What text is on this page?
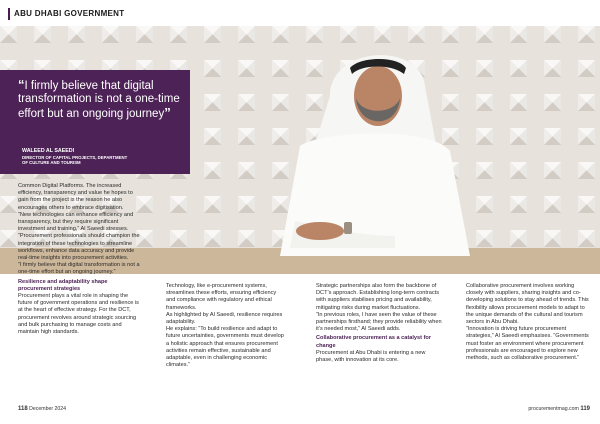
ABU DHABI GOVERNMENT
“I firmly believe that digital transformation is not a one-time effort but an ongoing journey”
WALEED AL SAEEDI
DIRECTOR OF CAPITAL PROJECTS, DEPARTMENT OF CULTURE AND TOURISM

Common Digital Platforms. The increased efficiency, transparency and value he hopes to gain from the project is the reason he also encourages others to embrace digitisation.

“New technologies can enhance efficiency and transparency, but they require significant investment and training,” Al Saeedi stresses. “Procurement professionals should champion the integration of these technologies to streamline workflows, enhance data accuracy and provide real-time insights into procurement activities.

“I firmly believe that digital transformation is not a one-time effort but an ongoing journey.”

Resilience and adaptability shape procurement strategies

Procurement plays a vital role in shaping the future of government operations and resilience is at the heart of effective strategy. For the DCT, procurement revolves around strategic sourcing and bulk purchasing to manage costs and maintain high standards.

Technology, like e-procurement systems, streamlines these efforts, ensuring efficiency and compliance with regulatory and ethical frameworks.

As highlighted by Al Saeedi, resilience requires adaptability.

He explains: “To build resilience and adapt to future uncertainties, governments must develop a holistic approach that ensures procurement activities remain effective, sustainable and adaptable, even in challenging economic climates.”

Strategic partnerships also form the backbone of DCT’s approach. Establishing long-term contracts with suppliers stabilises pricing and availability, mitigating risks during market fluctuations.

“In previous roles, I have seen the value of these partnerships firsthand; they provide reliability when it’s needed most,” Al Saeedi adds.

Collaborative procurement as a catalyst for change

Procurement at Abu Dhabi is entering a new phase, with innovation at its core.

Collaborative procurement involves working closely with suppliers, sharing insights and co-developing solutions to stay ahead of trends. This flexibility allows procurement models to adapt to the unique demands of the cultural and tourism sectors in Abu Dhabi.

“Innovation is driving future procurement strategies,” Al Saeedi emphasises. “Governments must foster an environment where procurement professionals are encouraged to explore new methods, such as collaborative procurement.”

118 December 2024	procurementmag.com 119
